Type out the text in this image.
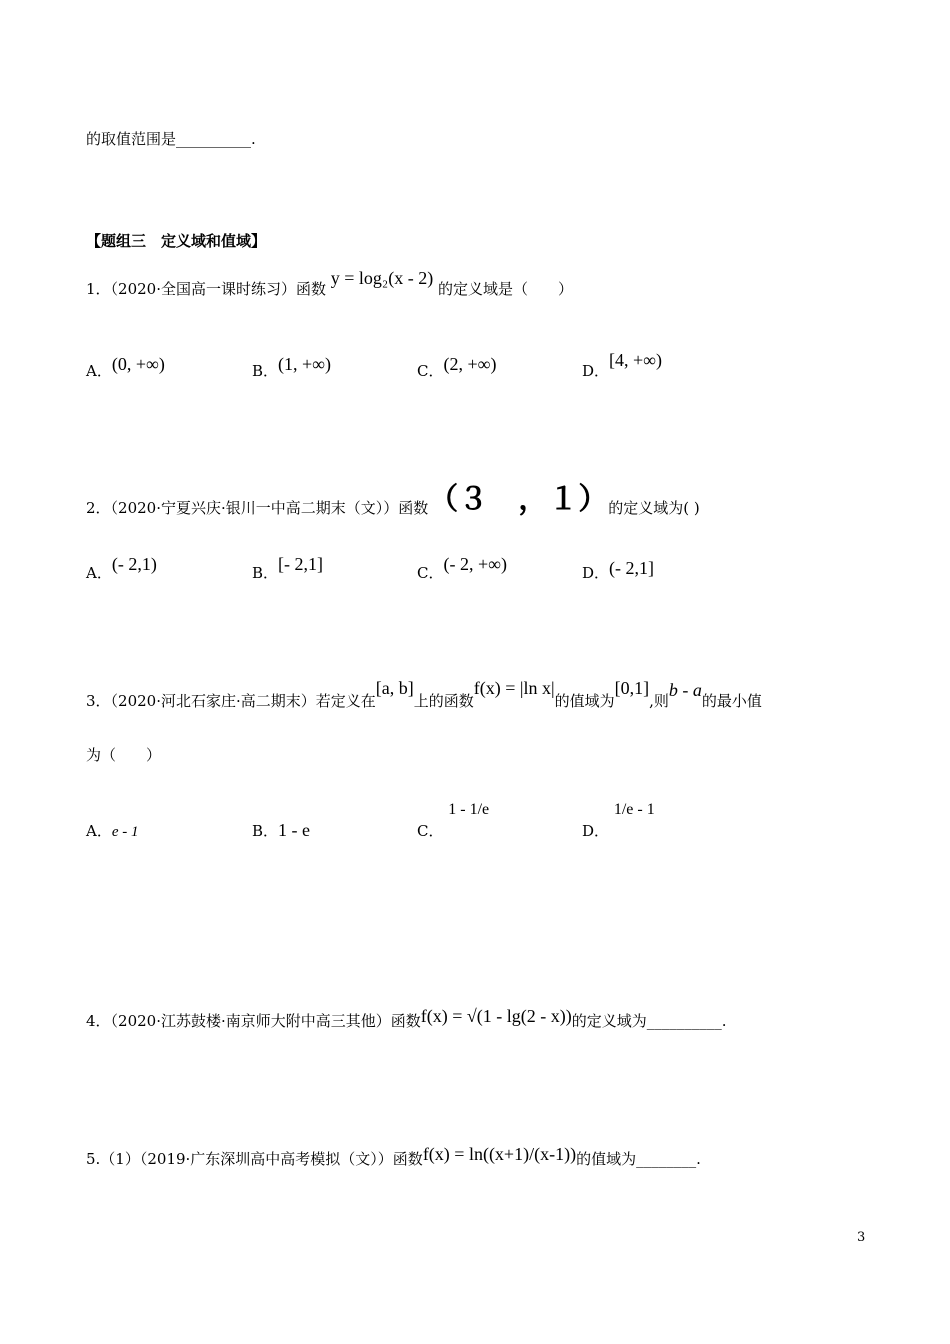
的取值范围是__________.
【题组三　定义域和值域】
1．（2020·全国高一课时练习）函数 y = log₂(x - 2) 的定义域是（　　）
A．(0, +∞)	B．(1, +∞)	C．(2, +∞)	D．[4, +∞)
2．（2020·宁夏兴庆·银川一中高二期末（文））函数（３　，１）的定义域为( )
A．(- 2,1)	B．[- 2,1]	C．(- 2, +∞)	D．(- 2,1]
3．（2020·河北石家庄·高二期末）若定义在[a, b]上的函数f(x) = |ln x|的值域为[0,1],则b - a的最小值
为（　　）
A．e - 1	B．1 - e	C． 1 - 1/e
D． 1/e - 1
4．（2020·江苏鼓楼·南京师大附中高三其他）函数f(x) = √(1 - lg(2 - x))的定义域为__________.
5.（1）（2019·广东深圳高中高考模拟（文））函数f(x) = ln((x+1)/(x-1))的值域为________.
3
